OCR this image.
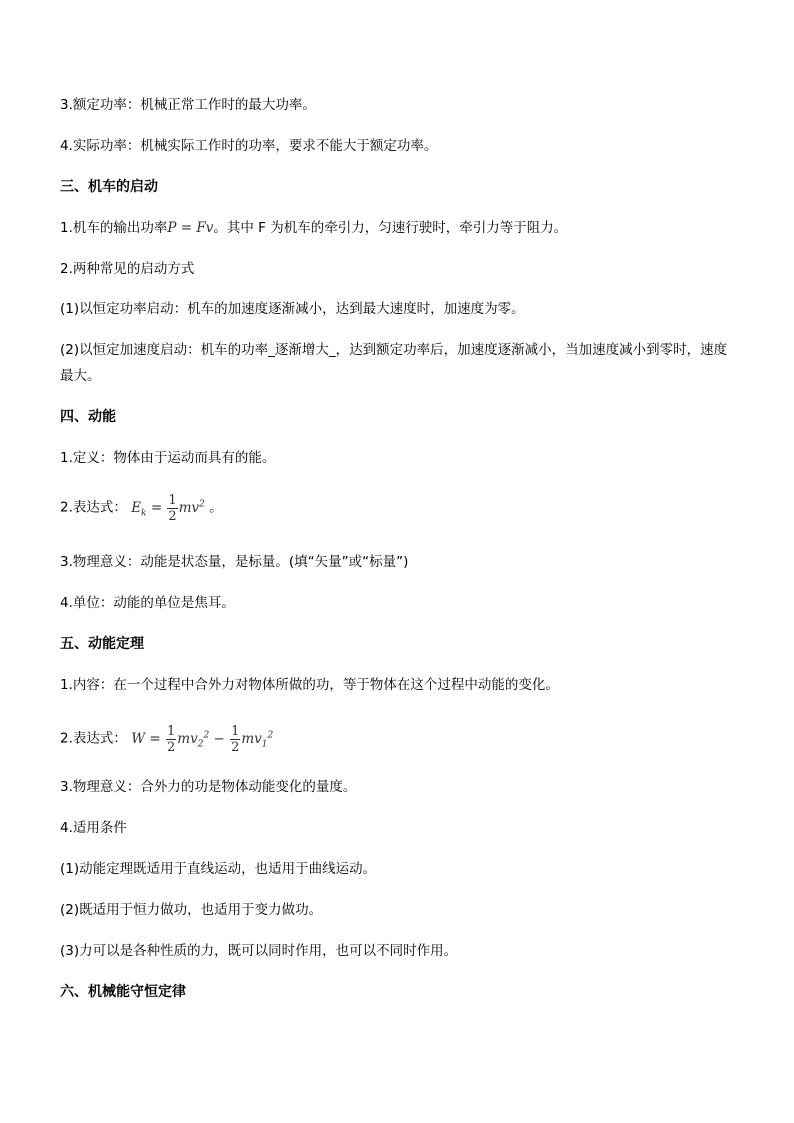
3.额定功率：机械正常工作时的最大功率。
4.实际功率：机械实际工作时的功率，要求不能大于额定功率。
三、机车的启动
1.机车的输出功率P = Fv。其中 F 为机车的牵引力，匀速行驶时，牵引力等于阻力。
2.两种常见的启动方式
(1)以恒定功率启动：机车的加速度逐渐减小，达到最大速度时，加速度为零。
(2)以恒定加速度启动：机车的功率_逐渐增大_，达到额定功率后，加速度逐渐减小，当加速度减小到零时，速度最大。
四、动能
1.定义：物体由于运动而具有的能。
2.表达式： $E_k = \frac{1}{2} mv^2$ 。
3.物理意义：动能是状态量，是标量。(填“矢量”或“标量”)
4.单位：动能的单位是焦耳。
五、动能定理
1.内容：在一个过程中合外力对物体所做的功，等于物体在这个过程中动能的变化。
2.表达式： $W = \frac{1}{2} mv_2^2 - \frac{1}{2} mv_1^2$
3.物理意义：合外力的功是物体动能变化的量度。
4.适用条件
(1)动能定理既适用于直线运动，也适用于曲线运动。
(2)既适用于恒力做功，也适用于变力做功。
(3)力可以是各种性质的力，既可以同时作用，也可以不同时作用。
六、机械能守恒定律
